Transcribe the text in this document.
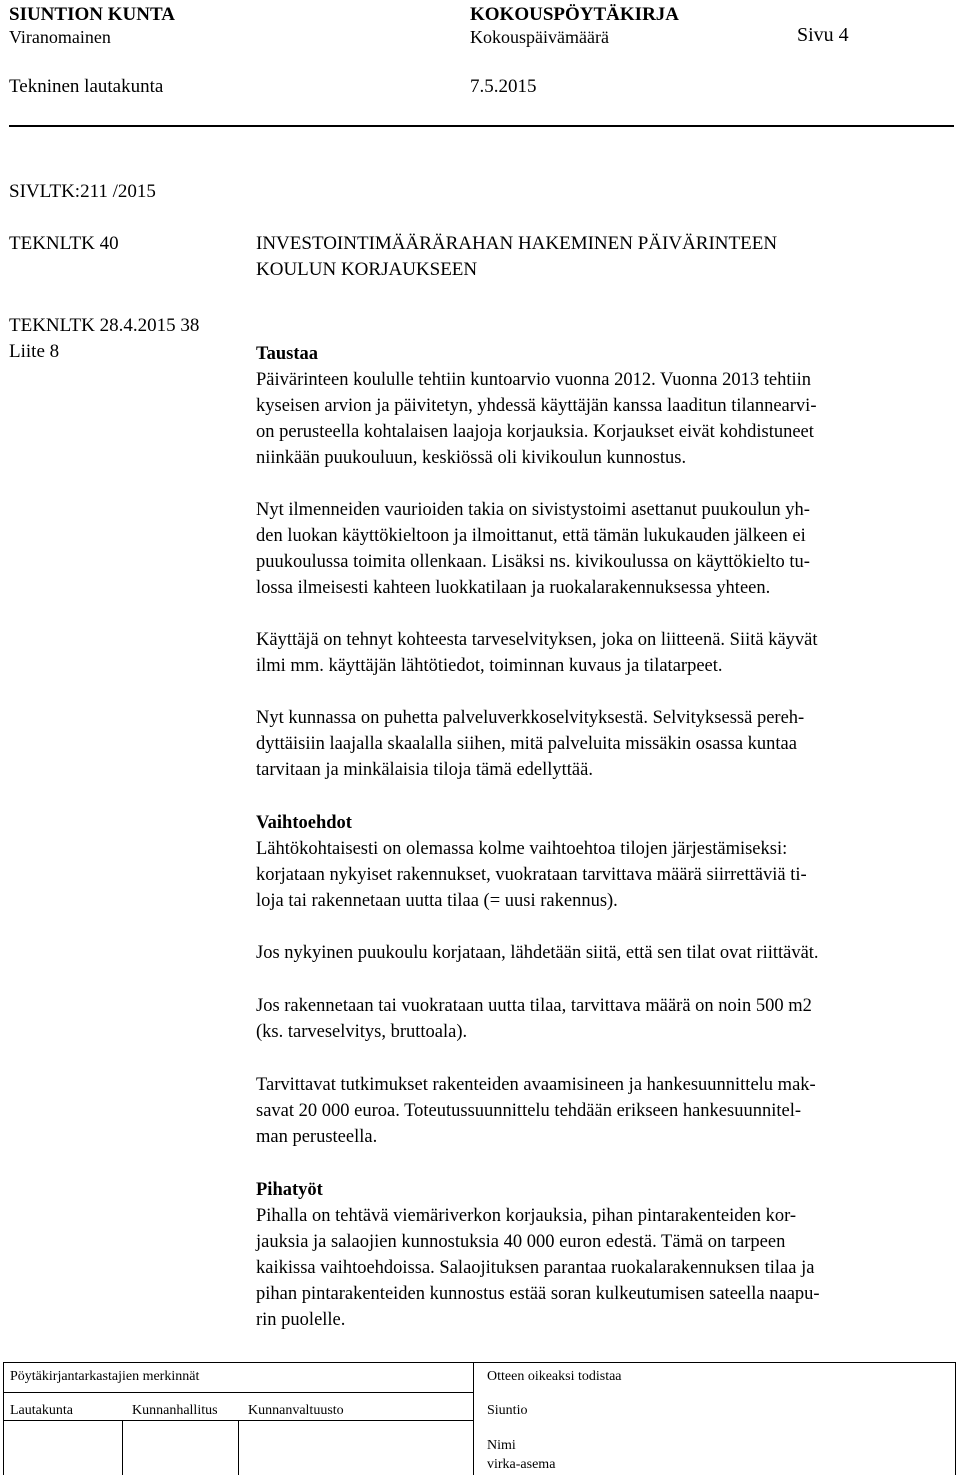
SIUNTION KUNTA	KOKOUSPÖYTÄKIRJA
Viranomainen	Kokouspäivämäärä	Sivu 4
Tekninen lautakunta	7.5.2015
SIVLTK:211 /2015
TEKNLTK 40	INVESTOINTIMÄÄRÄRAHAN HAKEMINEN PÄIVÄRINTEEN
KOULUN KORJAUKSEEN
TEKNLTK 28.4.2015 38
Liite 8	Taustaa
Päivärinteen koululle tehtiin kuntoarvio vuonna 2012. Vuonna 2013 tehtiin
kyseisen arvion ja päivitetyn, yhdessä käyttäjän kanssa laaditun tilannearvi-
on perusteella kohtalaisen laajoja korjauksia. Korjaukset eivät kohdistuneet
niinkään puukouluun, keskiössä oli kivikoulun kunnostus.
Nyt ilmenneiden vaurioiden takia on sivistystoimi asettanut puukoulun yh-
den luokan käyttökieltoon ja ilmoittanut, että tämän lukukauden jälkeen ei
puukoulussa toimita ollenkaan. Lisäksi ns. kivikoulussa on käyttökielto tu-
lossa ilmeisesti kahteen luokkatilaan ja ruokalarakennuksessa yhteen.
Käyttäjä on tehnyt kohteesta tarveselvityksen, joka on liitteenä. Siitä käyvät
ilmi mm. käyttäjän lähtötiedot, toiminnan kuvaus ja tilatarpeet.
Nyt kunnassa on puhetta palveluverkkoselvityksestä. Selvityksessä pereh-
dyttäisiin laajalla skaalalla siihen, mitä palveluita missäkin osassa kuntaa
tarvitaan ja minkälaisia tiloja tämä edellyttää.
Vaihtoehdot
Lähtökohtaisesti on olemassa kolme vaihtoehtoa tilojen järjestämiseksi:
korjataan nykyiset rakennukset, vuokrataan tarvittava määrä siirrettäviä ti-
loja tai rakennetaan uutta tilaa (= uusi rakennus).
Jos nykyinen puukoulu korjataan, lähdetään siitä, että sen tilat ovat riittävät.
Jos rakennetaan tai vuokrataan uutta tilaa, tarvittava määrä on noin 500 m2
(ks. tarveselvitys, bruttoala).
Tarvittavat tutkimukset rakenteiden avaamisineen ja hankesuunnittelu mak-
savat 20 000 euroa. Toteutussuunnittelu tehdään erikseen hankesuunnitel-
man perusteella.
Pihatyöt
Pihalla on tehtävä viemäriverkon korjauksia, pihan pintarakenteiden kor-
jauksia ja salaojien kunnostuksia 40 000 euron edestä. Tämä on tarpeen
kaikissa vaihtoehdoissa. Salaojituksen parantaa ruokalarakennuksen tilaa ja
pihan pintarakenteiden kunnostus estää soran kulkeutumisen sateella naapu-
rin puolelle.
Pöytäkirjantarkastajien merkinnät	Otteen oikeaksi todistaa
Lautakunta	Kunnanhallitus Kunnanvaltuusto	Siuntio
Nimi
virka-asema
